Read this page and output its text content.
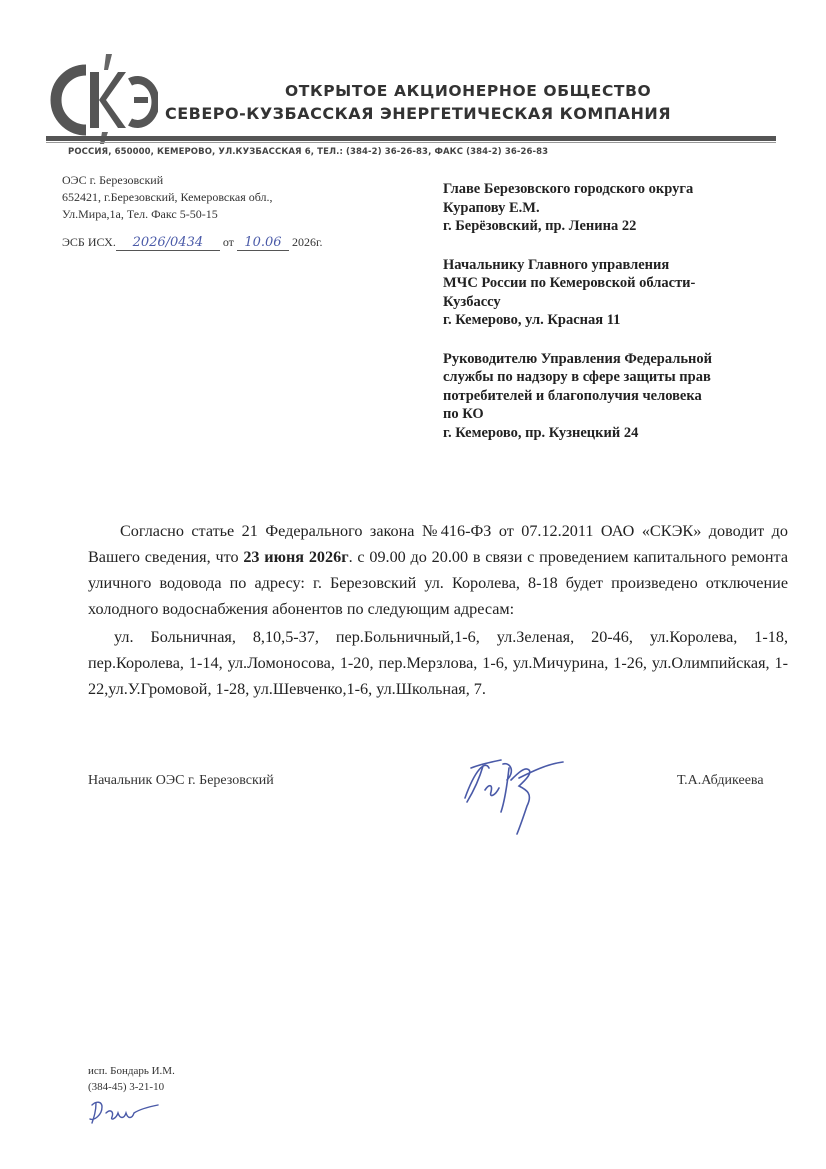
ОТКРЫТОЕ АКЦИОНЕРНОЕ ОБЩЕСТВО
СЕВЕРО-КУЗБАССКАЯ ЭНЕРГЕТИЧЕСКАЯ КОМПАНИЯ
РОССИЯ, 650000, КЕМЕРОВО, УЛ.КУЗБАССКАЯ 6, ТЕЛ.: (384-2) 36-26-83, ФАКС (384-2) 36-26-83
ОЭС г. Березовский
652421, г.Березовский, Кемеровская обл.,
Ул.Мира,1а, Тел. Факс 5-50-15
ЭСБ ИСХ. 2026/0434 от 10.06 2026г.
Главе Березовского городского округа
Курапову Е.М.
г. Берёзовский, пр. Ленина 22
Начальнику Главного управления
МЧС России по Кемеровской области-
Кузбассу
г. Кемерово, ул. Красная 11
Руководителю Управления Федеральной
службы по надзору в сфере защиты прав
потребителей и благополучия человека
по КО
г. Кемерово, пр. Кузнецкий 24

Согласно статье 21 Федерального закона №416-ФЗ от 07.12.2011 ОАО «СКЭК» доводит до Вашего сведения, что 23 июня 2026г. с 09.00 до 20.00 в связи с проведением капитального ремонта уличного водовода по адресу: г. Березовский ул. Королева, 8-18 будет произведено отключение холодного водоснабжения абонентов по следующим адресам:

ул. Больничная, 8,10,5-37, пер.Больничный,1-6, ул.Зеленая, 20-46, ул.Королева, 1-18, пер.Королева, 1-14, ул.Ломоносова, 1-20, пер.Мерзлова, 1-6, ул.Мичурина, 1-26, ул.Олимпийская, 1-22,ул.У.Громовой, 1-28, ул.Шевченко,1-6, ул.Школьная, 7.

Начальник ОЭС г. Березовский	Т.А.Абдикеева
исп. Бондарь И.М.
(384-45) 3-21-10
